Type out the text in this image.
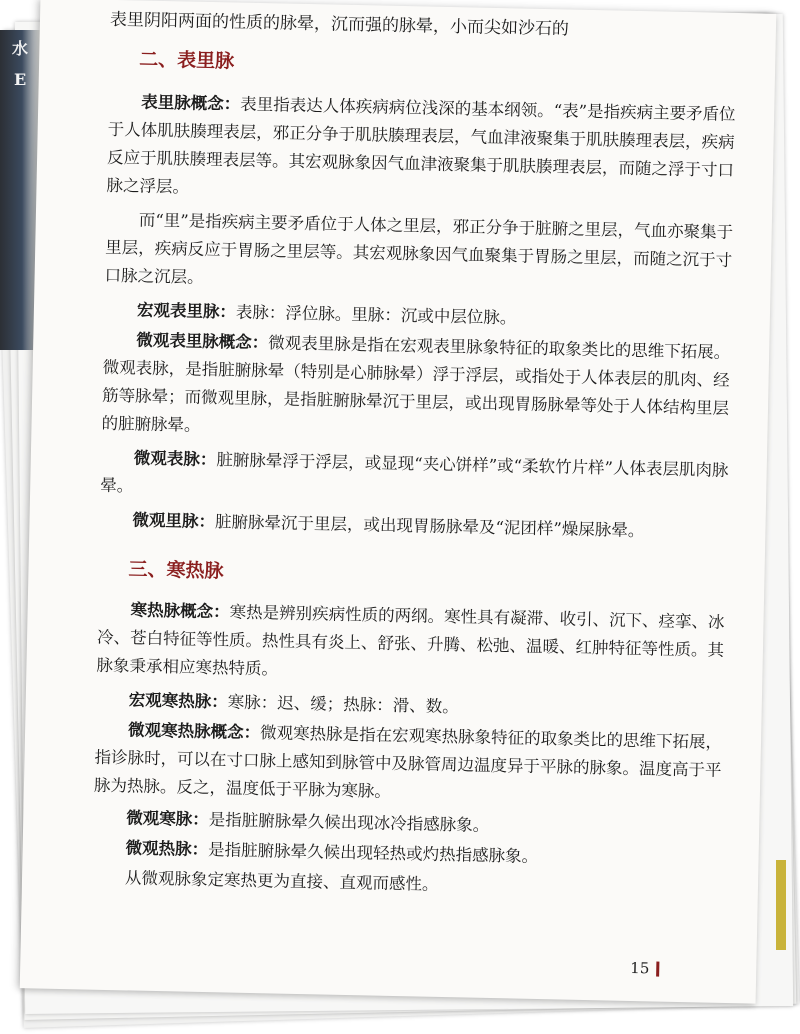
水
E
表里阴阳两面的性质的脉晕，沉而强的脉晕，小而尖如沙石的
二、表里脉

表里脉概念：表里指表达人体疾病病位浅深的基本纲领。“表”是指疾病主要矛盾位于人体肌肤腠理表层，邪正分争于肌肤腠理表层，气血津液聚集于肌肤腠理表层，疾病反应于肌肤腠理表层等。其宏观脉象因气血津液聚集于肌肤腠理表层，而随之浮于寸口脉之浮层。

而“里”是指疾病主要矛盾位于人体之里层，邪正分争于脏腑之里层，气血亦聚集于里层，疾病反应于胃肠之里层等。其宏观脉象因气血聚集于胃肠之里层，而随之沉于寸口脉之沉层。

宏观表里脉：表脉：浮位脉。里脉：沉或中层位脉。

微观表里脉概念：微观表里脉是指在宏观表里脉象特征的取象类比的思维下拓展。微观表脉，是指脏腑脉晕（特别是心肺脉晕）浮于浮层，或指处于人体表层的肌肉、经筋等脉晕；而微观里脉，是指脏腑脉晕沉于里层，或出现胃肠脉晕等处于人体结构里层的脏腑脉晕。

微观表脉：脏腑脉晕浮于浮层，或显现“夹心饼样”或“柔软竹片样”人体表层肌肉脉晕。

微观里脉：脏腑脉晕沉于里层，或出现胃肠脉晕及“泥团样”燥屎脉晕。

三、寒热脉

寒热脉概念：寒热是辨别疾病性质的两纲。寒性具有凝滞、收引、沉下、痉挛、冰冷、苍白特征等性质。热性具有炎上、舒张、升腾、松弛、温暖、红肿特征等性质。其脉象秉承相应寒热特质。

宏观寒热脉：寒脉：迟、缓；热脉：滑、数。

微观寒热脉概念：微观寒热脉是指在宏观寒热脉象特征的取象类比的思维下拓展，指诊脉时，可以在寸口脉上感知到脉管中及脉管周边温度异于平脉的脉象。温度高于平脉为热脉。反之，温度低于平脉为寒脉。

微观寒脉：是指脏腑脉晕久候出现冰冷指感脉象。

微观热脉：是指脏腑脉晕久候出现轻热或灼热指感脉象。

从微观脉象定寒热更为直接、直观而感性。

15
